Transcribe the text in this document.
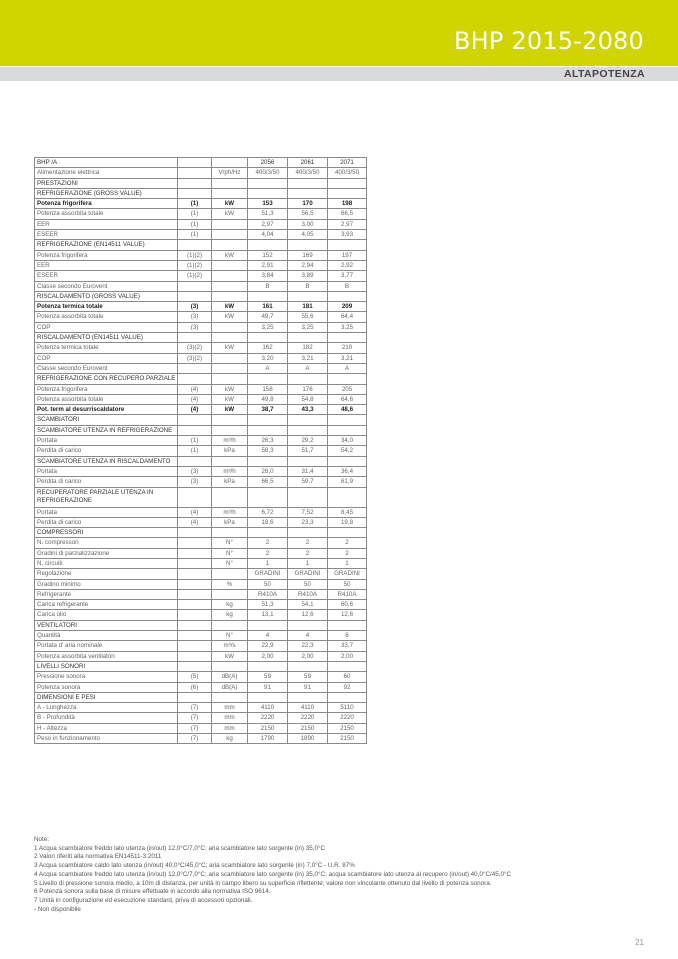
BHP 2015-2080
ALTAPOTENZA
BHP /A			2056	2061	2071
Alimentazione elettrica		V/ph/Hz	400/3/50	400/3/50	400/3/50
PRESTAZIONI					
REFRIGERAZIONE (GROSS VALUE)					
Potenza frigorifera	(1)	kW	153	170	198
Potenza assorbita totale	(1)	kW	51,3	56,5	66,5
EER	(1)		2,97	3,00	2,97
ESEER	(1)		4,04	4,05	3,93
REFRIGERAZIONE (EN14511 VALUE)					
Potenza frigorifera	(1)(2)	kW	152	169	197
EER	(1)(2)		2,91	2,94	2,92
ESEER	(1)(2)		3,84	3,89	3,77
Classe secondo Eurovent			B	B	B
RISCALDAMENTO (GROSS VALUE)					
Potenza termica totale	(3)	kW	161	181	209
Potenza assorbita totale	(3)	kW	49,7	55,6	64,4
COP	(3)		3,25	3,25	3,25
RISCALDAMENTO (EN14511 VALUE)					
Potenza termica totale	(3)(2)	kW	162	182	210
COP	(3)(2)		3,20	3,21	3,21
Classe secondo Eurovent			A	A	A
REFRIGERAZIONE CON RECUPERO PARZIALE					
Potenza frigorifera	(4)	kW	158	176	205
Potenza assorbita totale	(4)	kW	49,8	54,8	64,6
Pot. term al desurriscaldatore	(4)	kW	38,7	43,3	48,6
SCAMBIATORI					
SCAMBIATORE UTENZA IN REFRIGERAZIONE					
Portata	(1)	m³/h	26,3	29,2	34,0
Perdita di carico	(1)	kPa	58,3	51,7	54,2
SCAMBIATORE UTENZA IN RISCALDAMENTO					
Portata	(3)	m³/h	28,0	31,4	36,4
Perdita di carico	(3)	kPa	66,5	59,7	61,9
RECUPERATORE PARZIALE UTENZA IN REFRIGERAZIONE					
Portata	(4)	m³/h	6,72	7,52	8,45
Perdita di carico	(4)	kPa	18,6	23,3	19,8
COMPRESSORI					
N. compressori		N°	2	2	2
Gradini di parzializzazione		N°	2	2	2
N. circuiti		N°	1	1	1
Regolazione			GRADINI	GRADINI	GRADINI
Gradino minimo		%	50	50	50
Refrigerante			R410A	R410A	R410A
Carica refrigerante		kg	51,3	54,1	60,6
Carica olio		kg	13,1	12,6	12,6
VENTILATORI					
Quantità		N°	4	4	6
Portata d' aria nominale		m³/s	22,9	22,3	33,7
Potenza assorbita ventilatori		kW	2,00	2,00	2,00
LIVELLI SONORI					
Pressione sonora	(5)	dB(A)	59	59	60
Potenza sonora	(6)	dB(A)	91	91	92
DIMENSIONI E PESI					
A - Lunghezza	(7)	mm	4110	4110	5110
B - Profondità	(7)	mm	2220	2220	2220
H - Altezza	(7)	mm	2150	2150	2150
Peso in funzionamento	(7)	kg	1790	1890	2150
Note:
1 Acqua scambiatore freddo lato utenza (in/out) 12,0°C/7,0°C; aria scambiatore lato sorgente (in) 35,0°C
2 Valori riferiti alla normativa EN14511-3:2011
3 Acqua scambiatore caldo lato utenza (in/out) 40,0°C/45,0°C; aria scambiatore lato sorgente (in) 7,0°C - U.R. 87%
4 Acqua scambiatore freddo lato utenza (in/out) 12,0°C/7,0°C; aria scambiatore lato sorgente (in) 35,0°C; acqua scambiatore lato utenza al recupero (in/out) 40,0°C/45,0°C
5 Livello di pressione sonora medio, a 10m di distanza, per unità in campo libero su superficie riflettente; valore non vincolante ottenuto dal livello di potenza sonora.
6 Potenza sonora sulla base di misure effettuate in accordo alla normativa ISO 9614.
7 Unità in configurazione ed esecuzione standard, priva di accessori opzionali.
- Non disponibile
21
